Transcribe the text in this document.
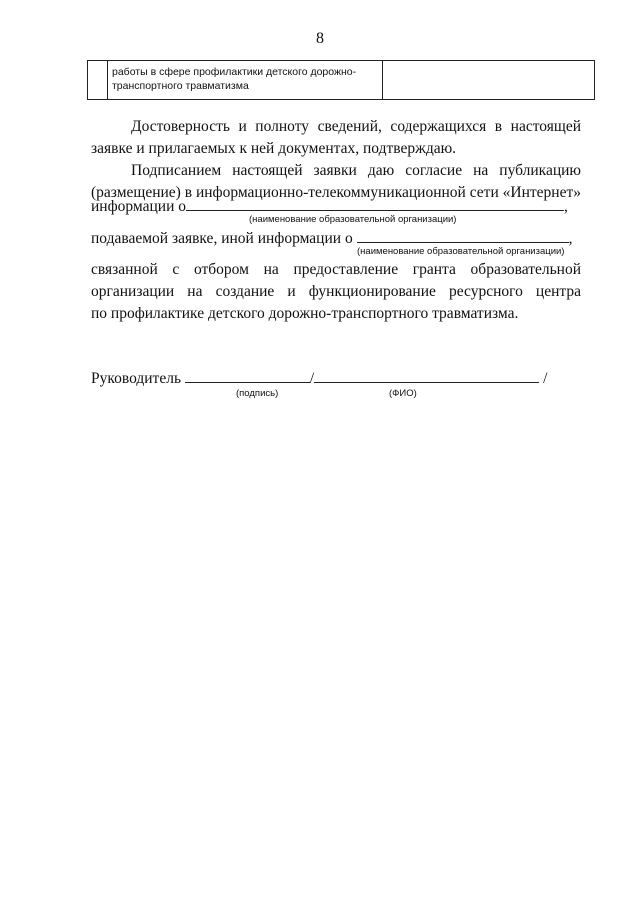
8
работы в сфере профилактики детского дорожно-
транспортного травматизма
Достоверность и полноту сведений, содержащихся в настоящей
заявке и прилагаемых к ней документах, подтверждаю.
Подписанием настоящей заявки даю согласие на публикацию
(размещение) в информационно-телекоммуникационной сети «Интернет»
информации о	,
(наименование образовательной организации)
подаваемой заявке, иной информации о	,
(наименование образовательной организации)
связанной с отбором на предоставление гранта образовательной
организации на создание и функционирование ресурсного центра
по профилактике детского дорожно-транспортного травматизма.
Руководитель	/	/
(подпись)	(ФИО)
